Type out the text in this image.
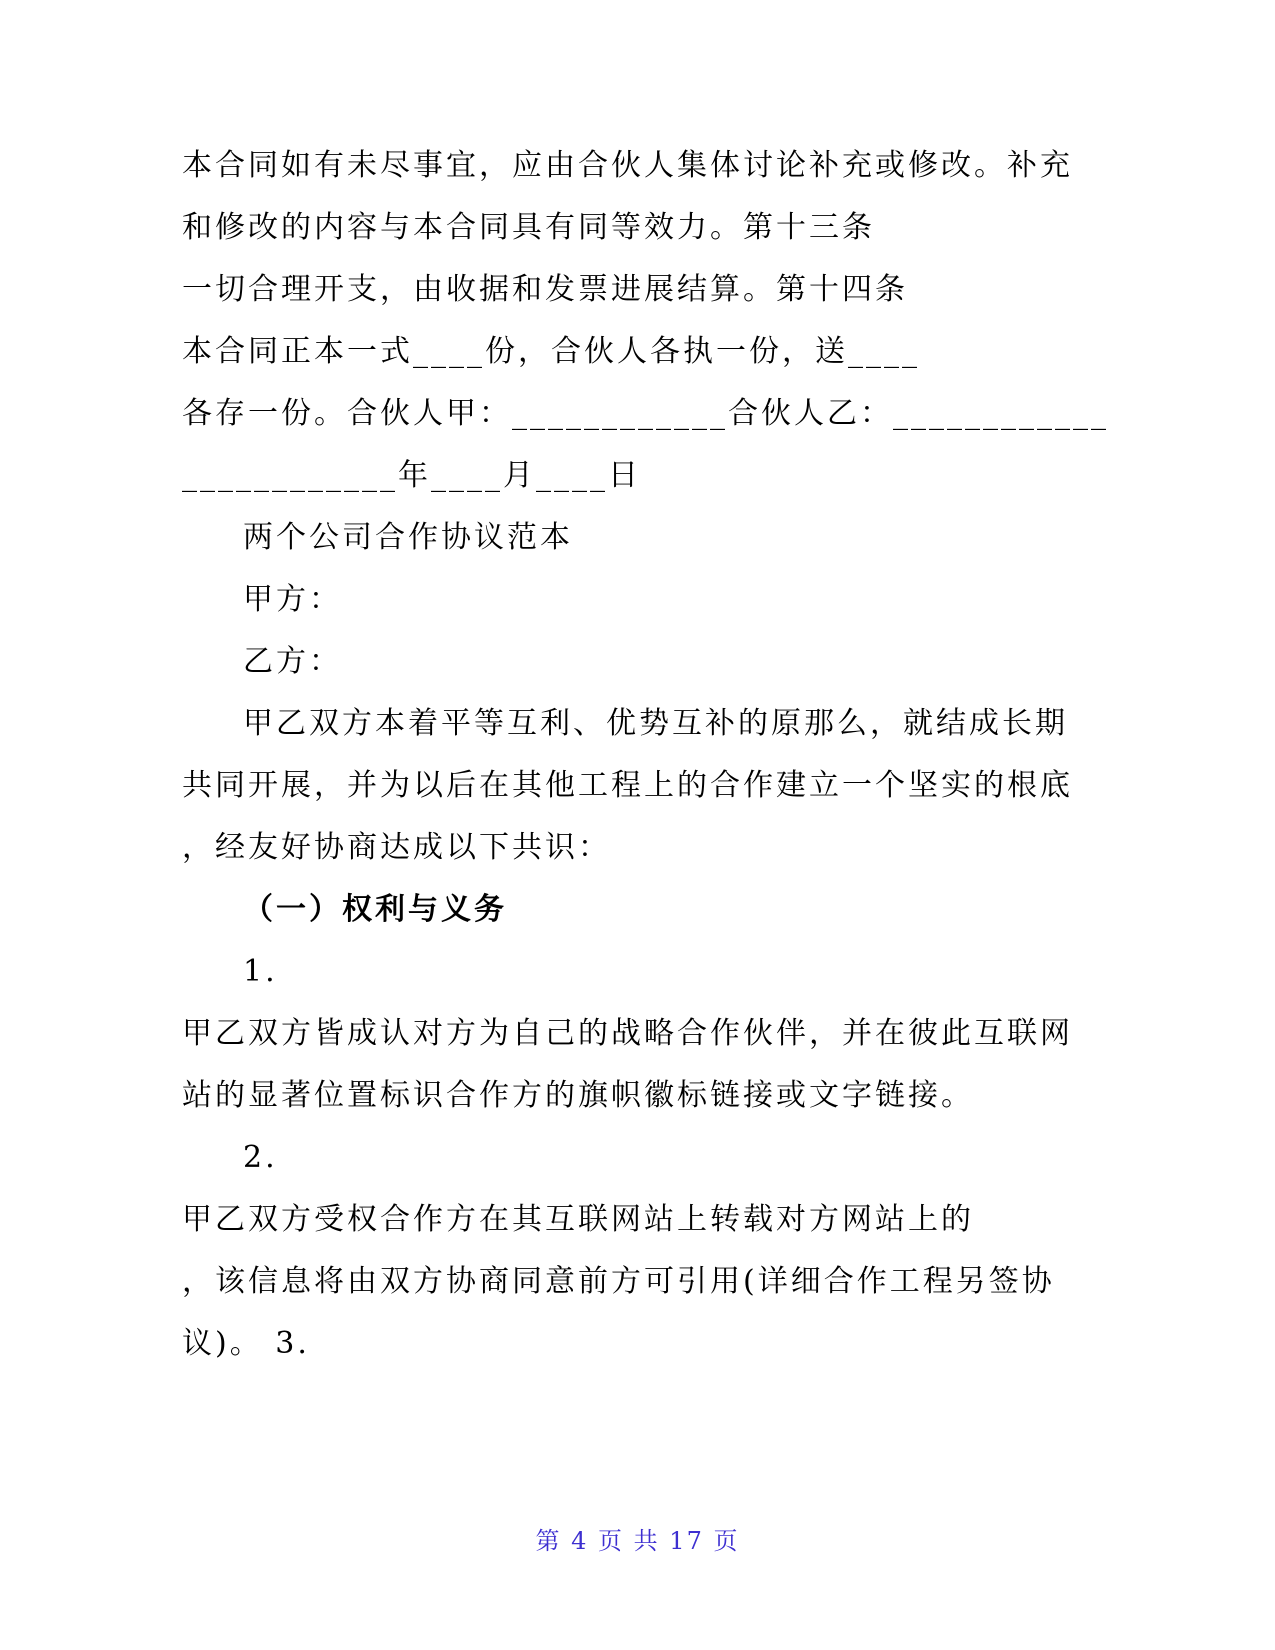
本合同如有未尽事宜，应由合伙人集体讨论补充或修改。补充
和修改的内容与本合同具有同等效力。第十三条
一切合理开支，由收据和发票进展结算。第十四条
本合同正本一式____份，合伙人各执一份，送____
各存一份。合伙人甲：____________合伙人乙：____________
____________年____月____日
两个公司合作协议范本
甲方：
乙方：
甲乙双方本着平等互利、优势互补的原那么，就结成长期
共同开展，并为以后在其他工程上的合作建立一个坚实的根底
，经友好协商达成以下共识：
（一）权利与义务
1.
甲乙双方皆成认对方为自己的战略合作伙伴，并在彼此互联网
站的显著位置标识合作方的旗帜徽标链接或文字链接。
2.
甲乙双方受权合作方在其互联网站上转载对方网站上的
，该信息将由双方协商同意前方可引用(详细合作工程另签协
议)。 3.
第 4 页 共 17 页
